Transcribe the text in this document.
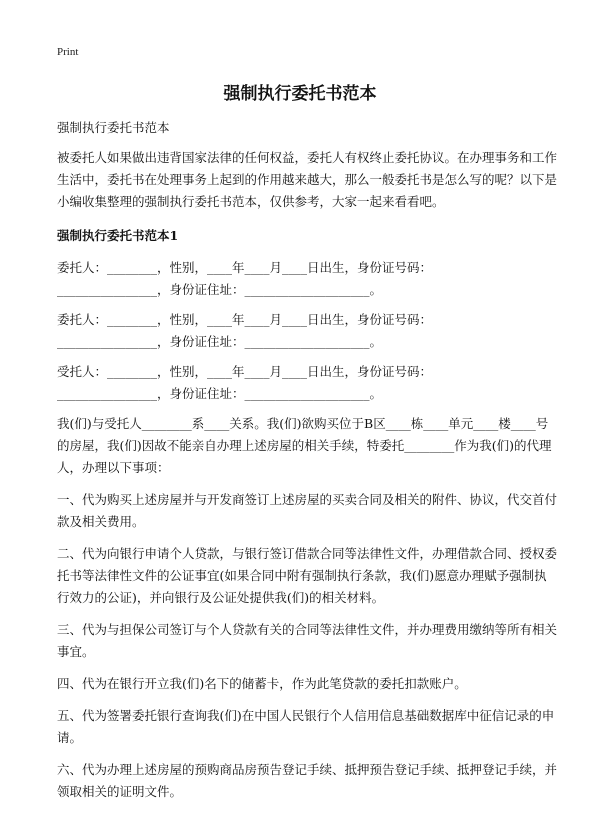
Print
强制执行委托书范本

强制执行委托书范本

被委托人如果做出违背国家法律的任何权益，委托人有权终止委托协议。在办理事务和工作生活中，委托书在处理事务上起到的作用越来越大，那么一般委托书是怎么写的呢？以下是小编收集整理的强制执行委托书范本，仅供参考，大家一起来看看吧。

强制执行委托书范本1

委托人：________，性别，____年____月____日出生，身份证号码：
________________，身份证住址：____________________。
委托人：________，性别，____年____月____日出生，身份证号码：
________________，身份证住址：____________________。
受托人：________，性别，____年____月____日出生，身份证号码：
________________，身份证住址：____________________。

我(们)与受托人________系____关系。我(们)欲购买位于B区____栋____单元____楼____号的房屋，我(们)因故不能亲自办理上述房屋的相关手续，特委托________作为我(们)的代理人，办理以下事项：

一、代为购买上述房屋并与开发商签订上述房屋的买卖合同及相关的附件、协议，代交首付款及相关费用。

二、代为向银行申请个人贷款，与银行签订借款合同等法律性文件，办理借款合同、授权委托书等法律性文件的公证事宜(如果合同中附有强制执行条款，我(们)愿意办理赋予强制执行效力的公证)，并向银行及公证处提供我(们)的相关材料。

三、代为与担保公司签订与个人贷款有关的合同等法律性文件，并办理费用缴纳等所有相关事宜。

四、代为在银行开立我(们)名下的储蓄卡，作为此笔贷款的委托扣款账户。

五、代为签署委托银行查询我(们)在中国人民银行个人信用信息基础数据库中征信记录的申请。

六、代为办理上述房屋的预购商品房预告登记手续、抵押预告登记手续、抵押登记手续，并领取相关的证明文件。
